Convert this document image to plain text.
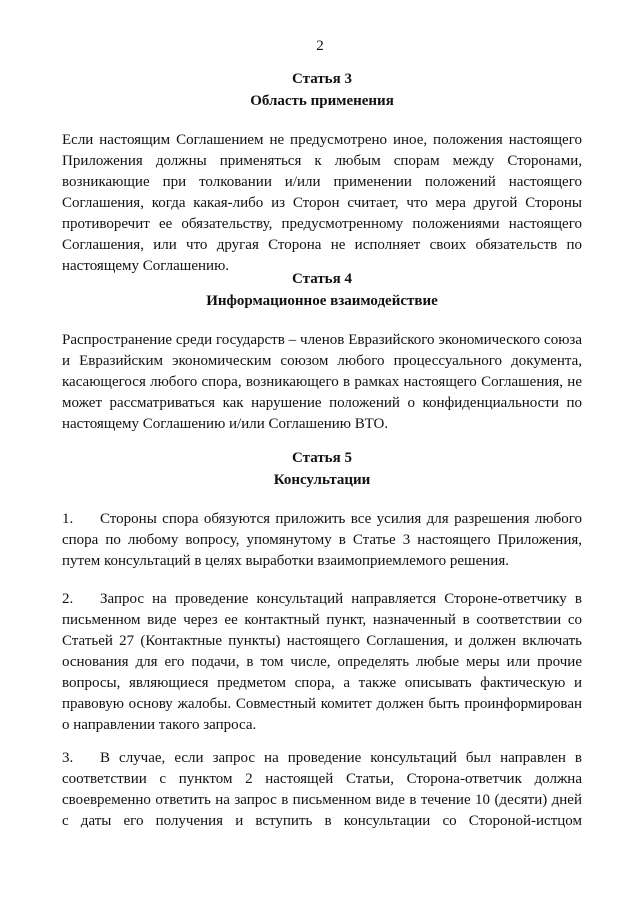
2
Статья 3
Область применения
Если настоящим Соглашением не предусмотрено иное, положения настоящего Приложения должны применяться к любым спорам между Сторонами, возникающие при толковании и/или применении положений настоящего Соглашения, когда какая-либо из Сторон считает, что мера другой Стороны противоречит ее обязательству, предусмотренному положениями настоящего Соглашения, или что другая Сторона не исполняет своих обязательств по настоящему Соглашению.
Статья 4
Информационное взаимодействие
Распространение среди государств – членов Евразийского экономического союза и Евразийским экономическим союзом любого процессуального документа, касающегося любого спора, возникающего в рамках настоящего Соглашения, не может рассматриваться как нарушение положений о конфиденциальности по настоящему Соглашению и/или Соглашению ВТО.
Статья 5
Консультации
1. Стороны спора обязуются приложить все усилия для разрешения любого спора по любому вопросу, упомянутому в Статье 3 настоящего Приложения, путем консультаций в целях выработки взаимоприемлемого решения.
2. Запрос на проведение консультаций направляется Стороне-ответчику в письменном виде через ее контактный пункт, назначенный в соответствии со Статьей 27 (Контактные пункты) настоящего Соглашения, и должен включать основания для его подачи, в том числе, определять любые меры или прочие вопросы, являющиеся предметом спора, а также описывать фактическую и правовую основу жалобы. Совместный комитет должен быть проинформирован о направлении такого запроса.
3. В случае, если запрос на проведение консультаций был направлен в соответствии с пунктом 2 настоящей Статьи, Сторона-ответчик должна своевременно ответить на запрос в письменном виде в течение 10 (десяти) дней с даты его получения и вступить в консультации со Стороной-истцом
